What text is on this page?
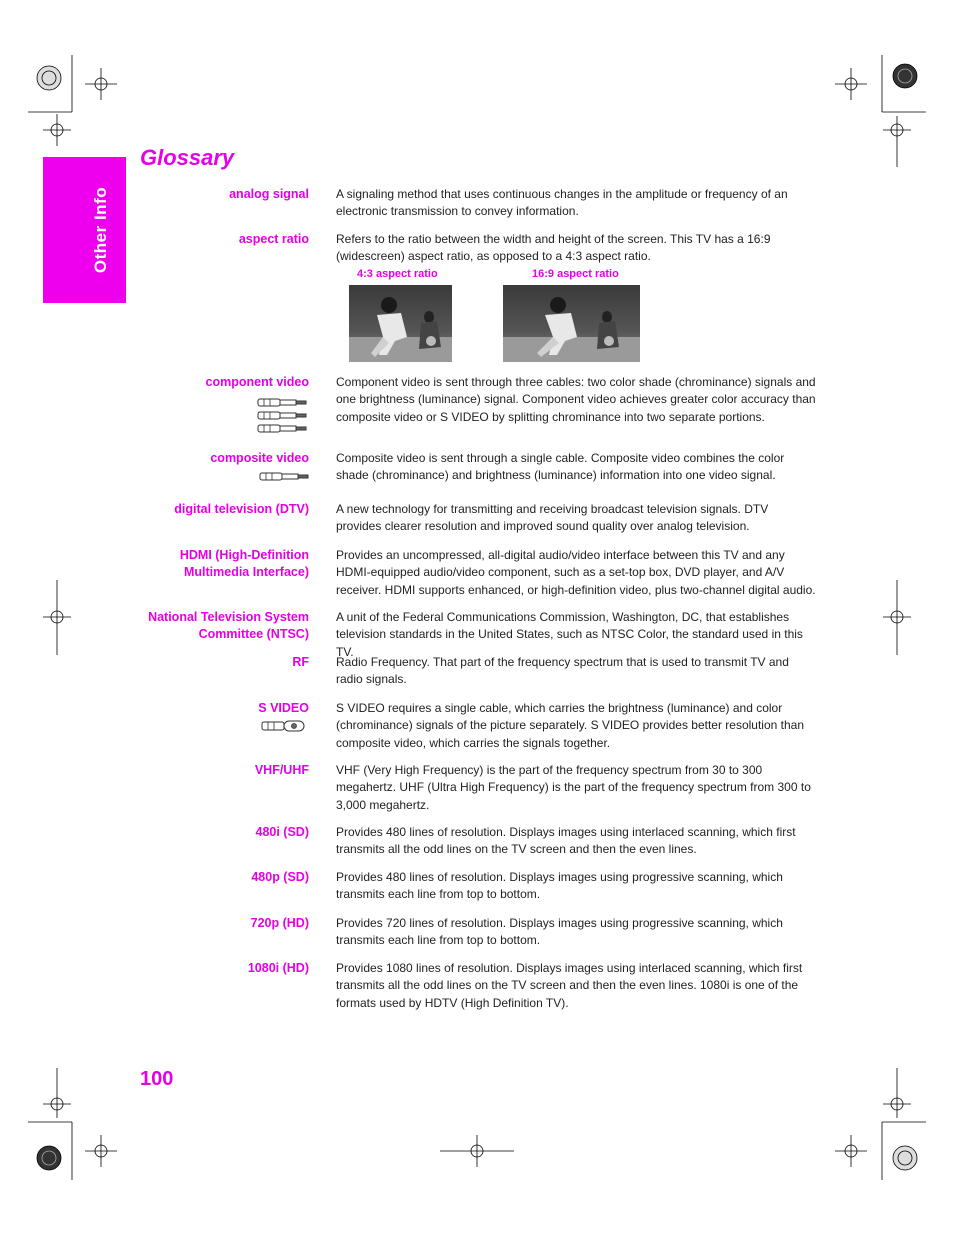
Other Info
Glossary
analog signal A signaling method that uses continuous changes in the amplitude or frequency of an electronic transmission to convey information.
aspect ratio Refers to the ratio between the width and height of the screen. This TV has a 16:9 (widescreen) aspect ratio, as opposed to a 4:3 aspect ratio.
4:3 aspect ratio	16:9 aspect ratio
component video Component video is sent through three cables: two color shade (chrominance) signals and one brightness (luminance) signal. Component video achieves greater color accuracy than composite video or S VIDEO by splitting chrominance into two separate portions.
composite video Composite video is sent through a single cable. Composite video combines the color shade (chrominance) and brightness (luminance) information into one video signal.
digital television (DTV) A new technology for transmitting and receiving broadcast television signals. DTV provides clearer resolution and improved sound quality over analog television.
HDMI (High-Definition Multimedia Interface)
Provides an uncompressed, all-digital audio/video interface between this TV and any HDMI-equipped audio/video component, such as a set-top box, DVD player, and A/V receiver. HDMI supports enhanced, or high-definition video, plus two-channel digital audio.
National Television System Committee (NTSC)
A unit of the Federal Communications Commission, Washington, DC, that establishes television standards in the United States, such as NTSC Color, the standard used in this TV.
RF Radio Frequency. That part of the frequency spectrum that is used to transmit TV and radio signals.
S VIDEO S VIDEO requires a single cable, which carries the brightness (luminance) and color (chrominance) signals of the picture separately. S VIDEO provides better resolution than composite video, which carries the signals together.
VHF/UHF VHF (Very High Frequency) is the part of the frequency spectrum from 30 to 300 megahertz. UHF (Ultra High Frequency) is the part of the frequency spectrum from 300 to 3,000 megahertz.
480i (SD) Provides 480 lines of resolution. Displays images using interlaced scanning, which first transmits all the odd lines on the TV screen and then the even lines.
480p (SD) Provides 480 lines of resolution. Displays images using progressive scanning, which transmits each line from top to bottom.
720p (HD) Provides 720 lines of resolution. Displays images using progressive scanning, which transmits each line from top to bottom.
1080i (HD) Provides 1080 lines of resolution. Displays images using interlaced scanning, which first transmits all the odd lines on the TV screen and then the even lines. 1080i is one of the formats used by HDTV (High Definition TV).
100
